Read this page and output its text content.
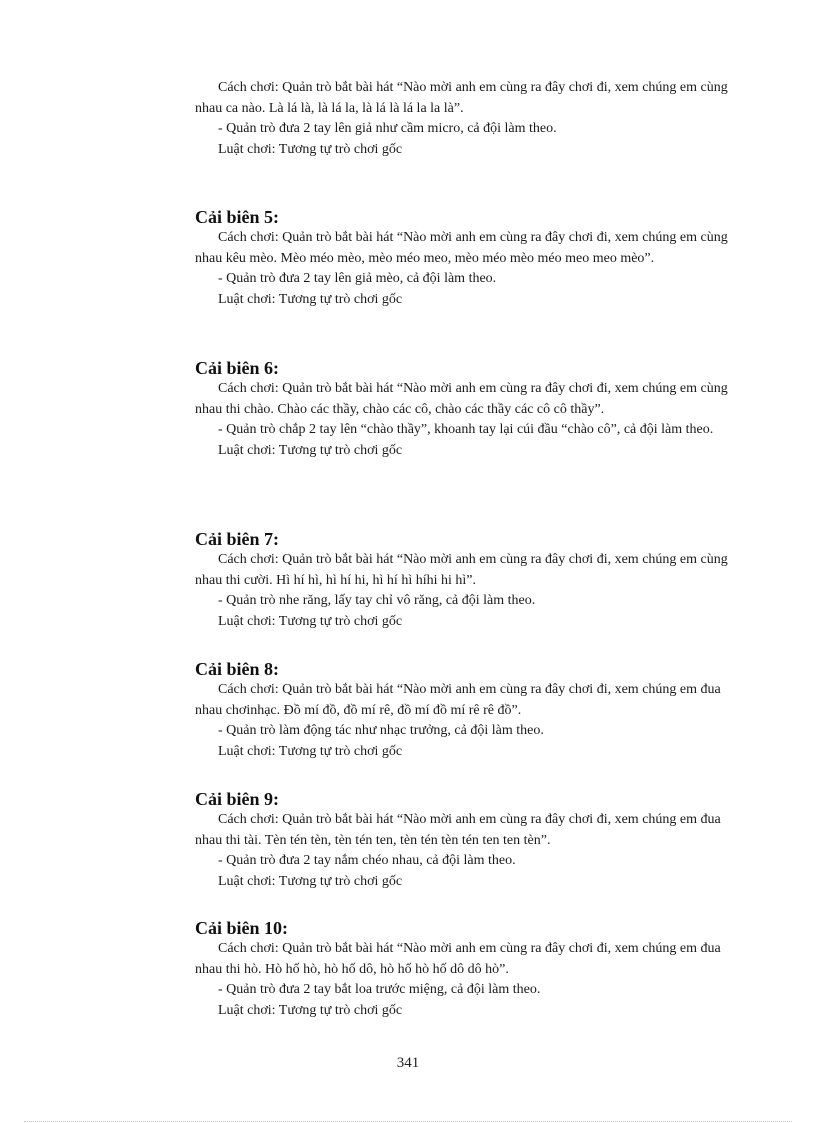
Cách chơi: Quản trò bắt bài hát “Nào mời anh em cùng ra đây chơi đi, xem chúng em cùng nhau ca nào. Là lá là, là lá la, là lá là lá la la là”.

- Quản trò đưa 2 tay lên giả như cầm micro, cả đội làm theo.

Luật chơi: Tương tự trò chơi gốc

Cải biên 5:

Cách chơi: Quản trò bắt bài hát “Nào mời anh em cùng ra đây chơi đi, xem chúng em cùng nhau kêu mèo. Mèo méo mèo, mèo méo meo, mèo méo mèo méo meo meo mèo”.

- Quản trò đưa 2 tay lên giả mèo, cả đội làm theo.

Luật chơi: Tương tự trò chơi gốc

Cải biên 6:

Cách chơi: Quản trò bắt bài hát “Nào mời anh em cùng ra đây chơi đi, xem chúng em cùng nhau thi chào. Chào các thầy, chào các cô, chào các thầy các cô cô thầy”.

- Quản trò chắp 2 tay lên “chào thầy”, khoanh tay lại cúi đầu “chào cô”, cả đội làm theo.

Luật chơi: Tương tự trò chơi gốc

Cải biên 7:

Cách chơi: Quản trò bắt bài hát “Nào mời anh em cùng ra đây chơi đi, xem chúng em cùng nhau thi cười. Hì hí hì, hì hí hi, hì hí hì híhi hi hì”.

- Quản trò nhe răng, lấy tay chỉ vô răng, cả đội làm theo.

Luật chơi: Tương tự trò chơi gốc

Cải biên 8:

Cách chơi: Quản trò bắt bài hát “Nào mời anh em cùng ra đây chơi đi, xem chúng em đua nhau chơinhạc. Đồ mí đồ, đồ mí rê, đồ mí đồ mí rê rê đồ”.

- Quản trò làm động tác như nhạc trưởng, cả đội làm theo.

Luật chơi: Tương tự trò chơi gốc

Cải biên 9:

Cách chơi: Quản trò bắt bài hát “Nào mời anh em cùng ra đây chơi đi, xem chúng em đua nhau thi tài. Tèn tén tèn, tèn tén ten, tèn tén tèn tén ten ten tèn”.

- Quản trò đưa 2 tay nắm chéo nhau, cả đội làm theo.

Luật chơi: Tương tự trò chơi gốc

Cải biên 10:

Cách chơi: Quản trò bắt bài hát “Nào mời anh em cùng ra đây chơi đi, xem chúng em đua nhau thi hò. Hò hố hò, hò hố dô, hò hố hò hố dô dô hò”.

- Quản trò đưa 2 tay bắt loa trước miệng, cả đội làm theo.

Luật chơi: Tương tự trò chơi gốc

341
